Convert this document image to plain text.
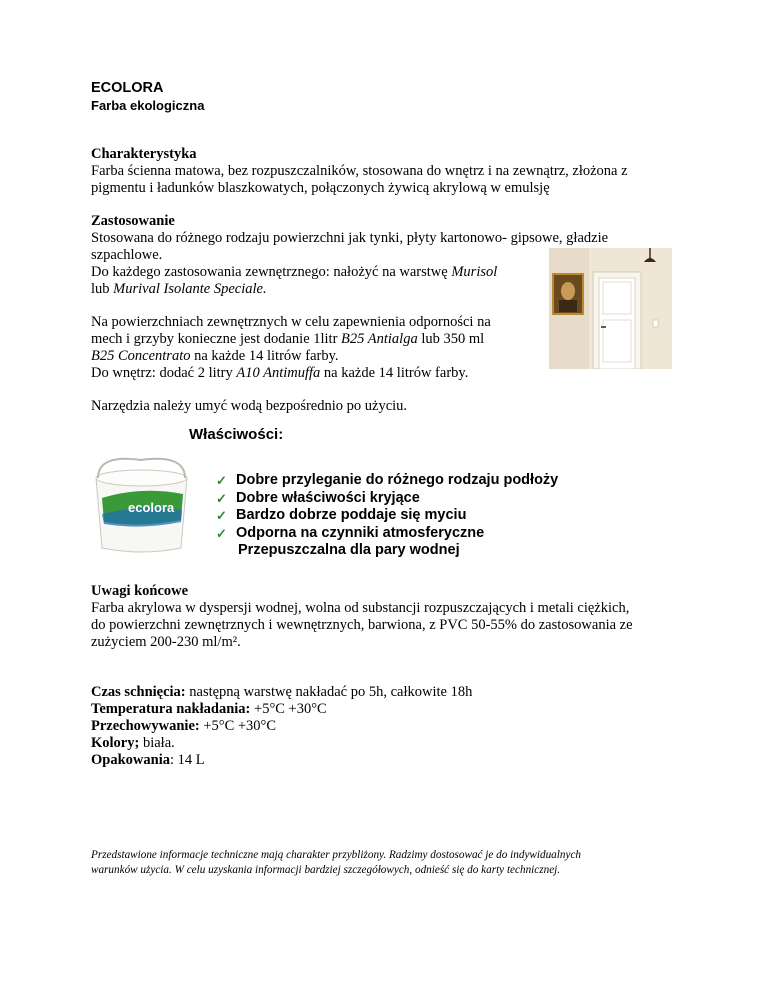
ECOLORA
Farba ekologiczna
Charakterystyka
Farba ścienna matowa, bez rozpuszczalników, stosowana do wnętrz i na zewnątrz, złożona z
pigmentu i ładunków blaszkowatych, połączonych żywicą akrylową w emulsję
Zastosowanie
Stosowana do różnego rodzaju powierzchni jak tynki, płyty kartonowo- gipsowe, gładzie
szpachlowe.
Do każdego zastosowania zewnętrznego: nałożyć na warstwę Murisol
lub Murival Isolante Speciale.
Na powierzchniach zewnętrznych w celu zapewnienia odporności na
mech i grzyby konieczne jest dodanie 1litr B25 Antialga lub 350 ml
B25 Concentrato na każde 14 litrów farby.
Do wnętrz: dodać 2 litry A10 Antimuffa na każde 14 litrów farby.
Narzędzia należy umyć wodą bezpośrednio po użyciu.
Właściwości:
ecolora
✓ Dobre przyleganie do różnego rodzaju podłoży
✓ Dobre właściwości kryjące
✓ Bardzo dobrze poddaje się myciu
✓ Odporna na czynniki atmosferyczne
Przepuszczalna dla pary wodnej
Uwagi końcowe
Farba akrylowa w dyspersji wodnej, wolna od substancji rozpuszczających i metali ciężkich,
do powierzchni zewnętrznych i wewnętrznych, barwiona, z PVC 50-55% do zastosowania ze
zużyciem 200-230 ml/m².
Czas schnięcia: następną warstwę nakładać po 5h, całkowite 18h
Temperatura nakładania: +5°C +30°C
Przechowywanie: +5°C +30°C
Kolory; biała.
Opakowania: 14 L
Przedstawione informacje techniczne mają charakter przybliżony. Radzimy dostosować je do indywidualnych
warunków użycia. W celu uzyskania informacji bardziej szczegółowych, odnieść się do karty technicznej.
